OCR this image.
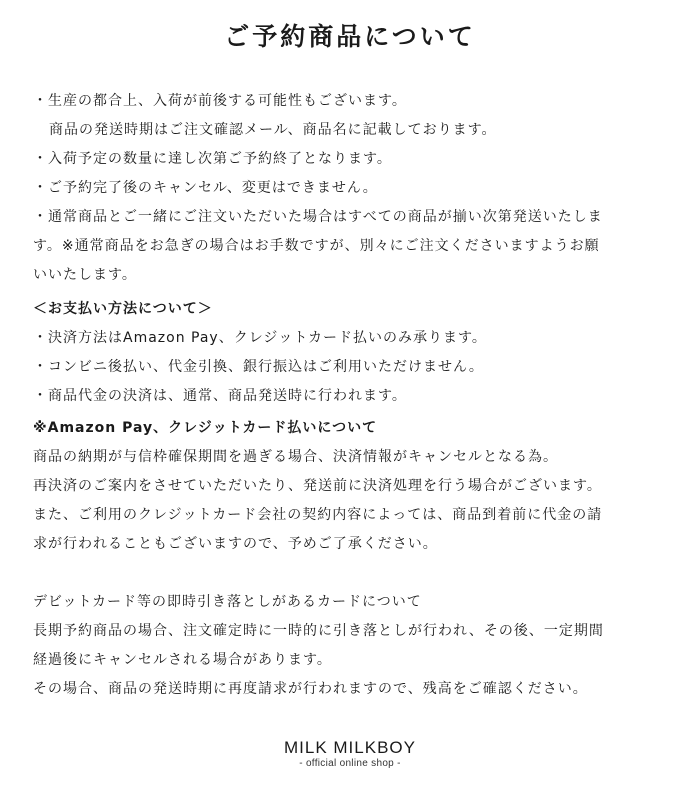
ご予約商品について

・生産の都合上、入荷が前後する可能性もございます。

商品の発送時期はご注文確認メール、商品名に記載しております。

・入荷予定の数量に達し次第ご予約終了となります。

・ご予約完了後のキャンセル、変更はできません。

・通常商品とご一緒にご注文いただいた場合はすべての商品が揃い次第発送いたしま

す。※通常商品をお急ぎの場合はお手数ですが、別々にご注文くださいますようお願

いいたします。

＜お支払い方法について＞

・決済方法はAmazon Pay、クレジットカード払いのみ承ります。

・コンビニ後払い、代金引換、銀行振込はご利用いただけません。

・商品代金の決済は、通常、商品発送時に行われます。

※Amazon Pay、クレジットカード払いについて

商品の納期が与信枠確保期間を過ぎる場合、決済情報がキャンセルとなる為。

再決済のご案内をさせていただいたり、発送前に決済処理を行う場合がございます。

また、ご利用のクレジットカード会社の契約内容によっては、商品到着前に代金の請

求が行われることもございますので、予めご了承ください。

デビットカード等の即時引き落としがあるカードについて

長期予約商品の場合、注文確定時に一時的に引き落としが行われ、その後、一定期間

経過後にキャンセルされる場合があります。

その場合、商品の発送時期に再度請求が行われますので、残高をご確認ください。

MILK MILKBOY
- official online shop -
